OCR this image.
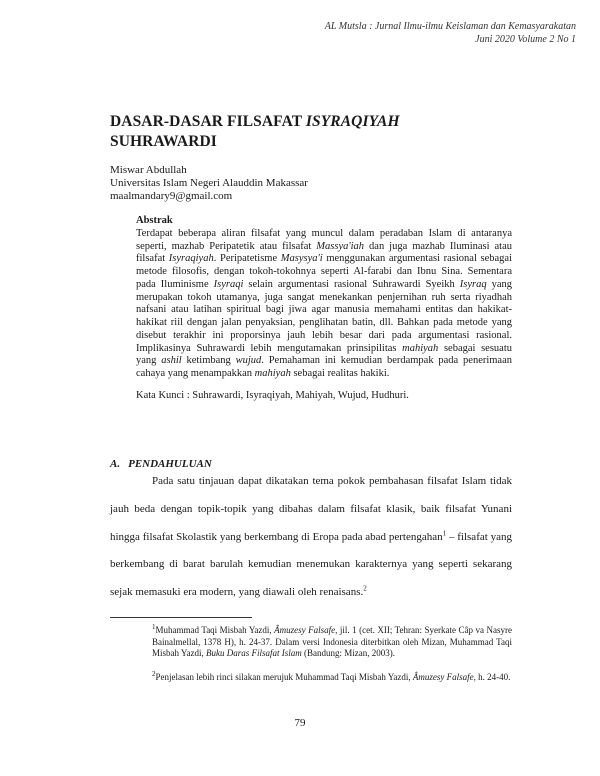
AL Mutsla : Jurnal Ilmu-ilmu Keislaman dan Kemasyarakatan
Juni 2020 Volume 2 No 1
DASAR-DASAR FILSAFAT ISYRAQIYAH
SUHRAWARDI
Miswar Abdullah
Universitas Islam Negeri Alauddin Makassar
maalmandary9@gmail.com
Abstrak
Terdapat beberapa aliran filsafat yang muncul dalam peradaban Islam di antaranya seperti, mazhab Peripatetik atau filsafat Massya'iah dan juga mazhab Iluminasi atau filsafat Isyraqiyah. Peripatetisme Masysya'i menggunakan argumentasi rasional sebagai metode filosofis, dengan tokoh-tokohnya seperti Al-farabi dan Ibnu Sina. Sementara pada Iluminisme Isyraqi selain argumentasi rasional Suhrawardi Syeikh Isyraq yang merupakan tokoh utamanya, juga sangat menekankan penjernihan ruh serta riyadhah nafsani atau latihan spiritual bagi jiwa agar manusia memahami entitas dan hakikat-hakikat riil dengan jalan penyaksian, penglihatan batin, dll. Bahkan pada metode yang disebut terakhir ini proporsinya jauh lebih besar dari pada argumentasi rasional. Implikasinya Suhrawardi lebih mengutamakan prinsipilitas mahiyah sebagai sesuatu yang ashil ketimbang wujud. Pemahaman ini kemudian berdampak pada penerimaan cahaya yang menampakkan mahiyah sebagai realitas hakiki.
Kata Kunci : Suhrawardi, Isyraqiyah, Mahiyah, Wujud, Hudhuri.
A. PENDAHULUAN

Pada satu tinjauan dapat dikatakan tema pokok pembahasan filsafat Islam tidak jauh beda dengan topik-topik yang dibahas dalam filsafat klasik, baik filsafat Yunani hingga filsafat Skolastik yang berkembang di Eropa pada abad pertengahan$^1$ – filsafat yang berkembang di barat barulah kemudian menemukan karakternya yang seperti sekarang sejak memasuki era modern, yang diawali oleh renaisans.$^2$

$^1$Muhammad Taqi Misbah Yazdi, Âmuzesy Falsafe, jil. 1 (cet. XII; Tehran: Syerkate Câp va Nasyre Bainalmellal, 1378 H), h. 24-37. Dalam versi Indonesia diterbitkan oleh Mizan, Muhammad Taqi Misbah Yazdi, Buku Daras Filsafat Islam (Bandung: Mizan, 2003).
$^2$Penjelasan lebih rinci silakan merujuk Muhammad Taqi Misbah Yazdi, Âmuzesy Falsafe, h. 24-40.
79
